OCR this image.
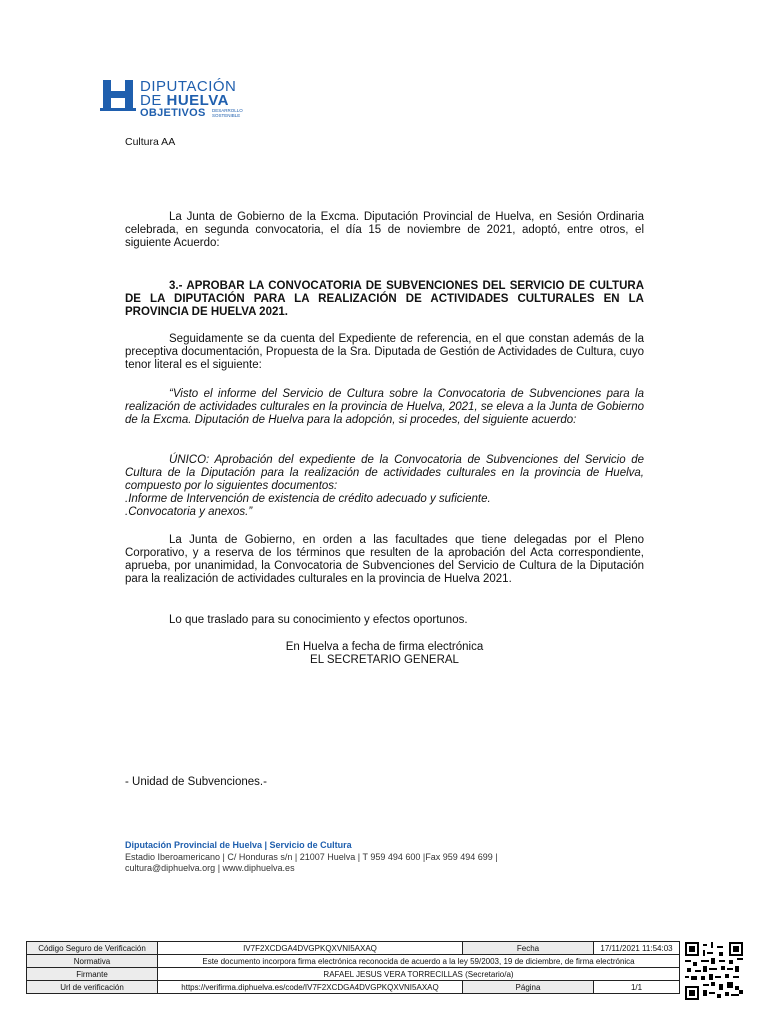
DIPUTACIÓN
DE HUELVA
OBJETIVOS DESARROLLO SOSTENIBLE
Cultura AA

La Junta de Gobierno de la Excma. Diputación Provincial de Huelva, en Sesión Ordinaria celebrada, en segunda convocatoria, el día 15 de noviembre de 2021, adoptó, entre otros, el siguiente Acuerdo:

3.- APROBAR LA CONVOCATORIA DE SUBVENCIONES DEL SERVICIO DE CULTURA DE LA DIPUTACIÓN PARA LA REALIZACIÓN DE ACTIVIDADES CULTURALES EN LA PROVINCIA DE HUELVA 2021.

Seguidamente se da cuenta del Expediente de referencia, en el que constan además de la preceptiva documentación, Propuesta de la Sra. Diputada de Gestión de Actividades de Cultura, cuyo tenor literal es el siguiente:

“Visto el informe del Servicio de Cultura sobre la Convocatoria de Subvenciones para la realización de actividades culturales en la provincia de Huelva, 2021, se eleva a la Junta de Gobierno de la Excma. Diputación de Huelva para la adopción, si procedes, del siguiente acuerdo:

ÚNICO: Aprobación del expediente de la Convocatoria de Subvenciones del Servicio de Cultura de la Diputación para la realización de actividades culturales en la provincia de Huelva, compuesto por lo siguientes documentos:

.Informe de Intervención de existencia de crédito adecuado y suficiente.

.Convocatoria y anexos.”

La Junta de Gobierno, en orden a las facultades que tiene delegadas por el Pleno Corporativo, y a reserva de los términos que resulten de la aprobación del Acta correspondiente, aprueba, por unanimidad, la Convocatoria de Subvenciones del Servicio de Cultura de la Diputación para la realización de actividades culturales en la provincia de Huelva 2021.

Lo que traslado para su conocimiento y efectos oportunos.

En Huelva a fecha de firma electrónica
EL SECRETARIO GENERAL
- Unidad de Subvenciones.-
Diputación Provincial de Huelva | Servicio de Cultura
Estadio Iberoamericano | C/ Honduras s/n | 21007 Huelva | T 959 494 600 |Fax 959 494 699 |
cultura@diphuelva.org | www.diphuelva.es
Código Seguro de Verificación	IV7F2XCDGA4DVGPKQXVNI5AXAQ	Fecha	17/11/2021 11:54:03
Normativa	Este documento incorpora firma electrónica reconocida de acuerdo a la ley 59/2003, 19 de diciembre, de firma electrónica		
Firmante	RAFAEL JESUS VERA TORRECILLAS (Secretario/a)		
Url de verificación	https://verifirma.diphuelva.es/code/IV7F2XCDGA4DVGPKQXVNI5AXAQ	Página	1/1
